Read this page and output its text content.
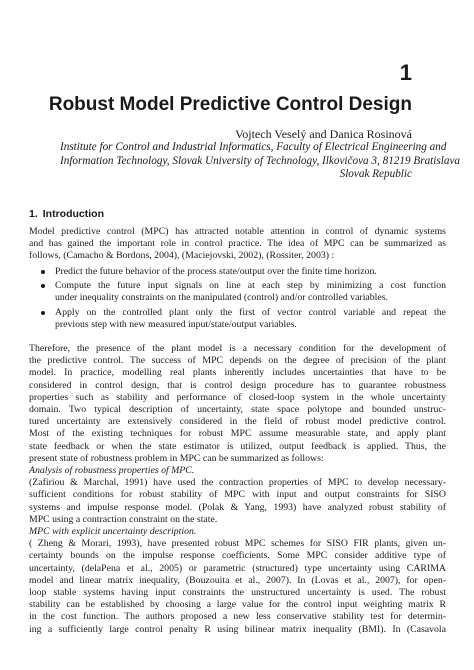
1
Robust Model Predictive Control Design
Vojtech Veselý and Danica Rosinová
Institute for Control and Industrial Informatics, Faculty of Electrical Engineering and
Information Technology, Slovak University of Technology, Ilkovičova 3, 81219 Bratislava
Slovak Republic
1. Introduction
Model predictive control (MPC) has attracted notable attention in control of dynamic systems
and has gained the important role in control practice. The idea of MPC can be summarized as
follows, (Camacho & Bordons, 2004), (Maciejovski, 2002), (Rossiter, 2003) :
Predict the future behavior of the process state/output over the finite time horizon.
Compute the future input signals on line at each step by minimizing a cost function
under inequality constraints on the manipulated (control) and/or controlled variables.
Apply on the controlled plant only the first of vector control variable and repeat the
previous step with new measured input/state/output variables.
Therefore, the presence of the plant model is a necessary condition for the development of
the predictive control. The success of MPC depends on the degree of precision of the plant
model. In practice, modelling real plants inherently includes uncertainties that have to be
considered in control design, that is control design procedure has to guarantee robustness
properties such as stability and performance of closed-loop system in the whole uncertainty
domain. Two typical description of uncertainty, state space polytope and bounded unstruc-
tured uncertainty are extensively considered in the field of robust model predictive control.
Most of the existing techniques for robust MPC assume measurable state, and apply plant
state feedback or when the state estimator is utilized, output feedback is applied. Thus, the
present state of robustness problem in MPC can be summarized as follows:
Analysis of robustness properties of MPC.
(Zafiriou & Marchal, 1991) have used the contraction properties of MPC to develop necessary-
sufficient conditions for robust stability of MPC with input and output constraints for SISO
systems and impulse response model. (Polak & Yang, 1993) have analyzed robust stability of
MPC using a contraction constraint on the state.
MPC with explicit uncertainty description.
( Zheng & Morari, 1993), have presented robust MPC schemes for SISO FIR plants, given un-
certainty bounds on the impulse response coefficients. Some MPC consider additive type of
uncertainty, (delaPena et al., 2005) or parametric (structured) type uncertainty using CARIMA
model and linear matrix inequality, (Bouzouita et al., 2007). In (Lovas et al., 2007), for open-
loop stable systems having input constraints the unstructured uncertainty is used. The robust
stability can be established by choosing a large value for the control input weighting matrix R
in the cost function. The authors proposed a new less conservative stability test for determin-
ing a sufficiently large control penalty R using bilinear matrix inequality (BMI). In (Casavola
